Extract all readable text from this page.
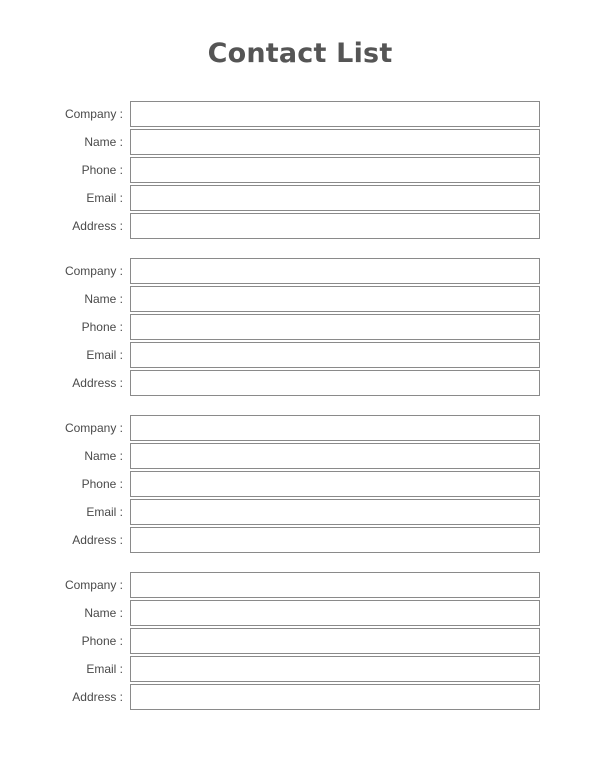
Contact List
Company :
Name :
Phone :
Email :
Address :
Company :
Name :
Phone :
Email :
Address :
Company :
Name :
Phone :
Email :
Address :
Company :
Name :
Phone :
Email :
Address :
